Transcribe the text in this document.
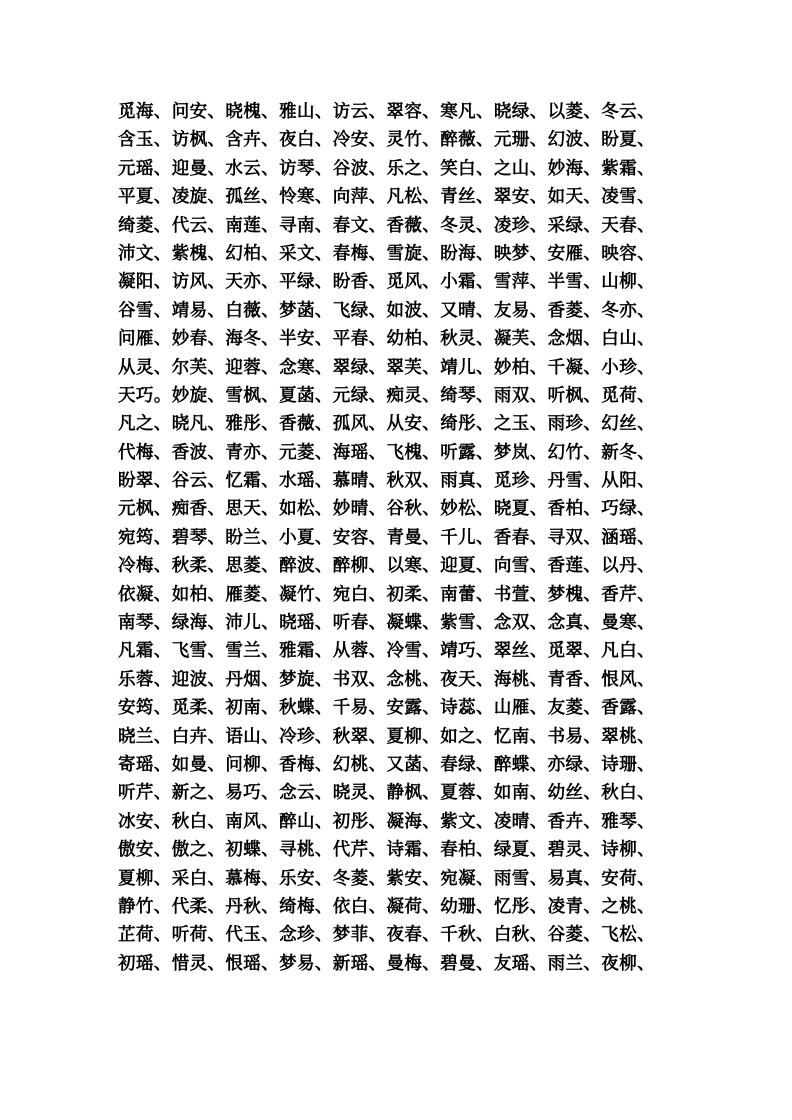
觅海、问安、晓槐、雅山、访云、翠容、寒凡、晓绿、以菱、冬云、
含玉、访枫、含卉、夜白、冷安、灵竹、醉薇、元珊、幻波、盼夏、
元瑶、迎曼、水云、访琴、谷波、乐之、笑白、之山、妙海、紫霜、
平夏、凌旋、孤丝、怜寒、向萍、凡松、青丝、翠安、如天、凌雪、
绮菱、代云、南莲、寻南、春文、香薇、冬灵、凌珍、采绿、天春、
沛文、紫槐、幻柏、采文、春梅、雪旋、盼海、映梦、安雁、映容、
凝阳、访风、天亦、平绿、盼香、觅风、小霜、雪萍、半雪、山柳、
谷雪、靖易、白薇、梦菡、飞绿、如波、又晴、友易、香菱、冬亦、
问雁、妙春、海冬、半安、平春、幼柏、秋灵、凝芙、念烟、白山、
从灵、尔芙、迎蓉、念寒、翠绿、翠芙、靖儿、妙柏、千凝、小珍、
天巧。妙旋、雪枫、夏菡、元绿、痴灵、绮琴、雨双、听枫、觅荷、
凡之、晓凡、雅彤、香薇、孤风、从安、绮彤、之玉、雨珍、幻丝、
代梅、香波、青亦、元菱、海瑶、飞槐、听露、梦岚、幻竹、新冬、
盼翠、谷云、忆霜、水瑶、慕晴、秋双、雨真、觅珍、丹雪、从阳、
元枫、痴香、思天、如松、妙晴、谷秋、妙松、晓夏、香柏、巧绿、
宛筠、碧琴、盼兰、小夏、安容、青曼、千儿、香春、寻双、涵瑶、
冷梅、秋柔、思菱、醉波、醉柳、以寒、迎夏、向雪、香莲、以丹、
依凝、如柏、雁菱、凝竹、宛白、初柔、南蕾、书萱、梦槐、香芹、
南琴、绿海、沛儿、晓瑶、听春、凝蝶、紫雪、念双、念真、曼寒、
凡霜、飞雪、雪兰、雅霜、从蓉、冷雪、靖巧、翠丝、觅翠、凡白、
乐蓉、迎波、丹烟、梦旋、书双、念桃、夜天、海桃、青香、恨风、
安筠、觅柔、初南、秋蝶、千易、安露、诗蕊、山雁、友菱、香露、
晓兰、白卉、语山、冷珍、秋翠、夏柳、如之、忆南、书易、翠桃、
寄瑶、如曼、问柳、香梅、幻桃、又菡、春绿、醉蝶、亦绿、诗珊、
听芹、新之、易巧、念云、晓灵、静枫、夏蓉、如南、幼丝、秋白、
冰安、秋白、南风、醉山、初彤、凝海、紫文、凌晴、香卉、雅琴、
傲安、傲之、初蝶、寻桃、代芹、诗霜、春柏、绿夏、碧灵、诗柳、
夏柳、采白、慕梅、乐安、冬菱、紫安、宛凝、雨雪、易真、安荷、
静竹、代柔、丹秋、绮梅、依白、凝荷、幼珊、忆彤、凌青、之桃、
芷荷、听荷、代玉、念珍、梦菲、夜春、千秋、白秋、谷菱、飞松、
初瑶、惜灵、恨瑶、梦易、新瑶、曼梅、碧曼、友瑶、雨兰、夜柳、
